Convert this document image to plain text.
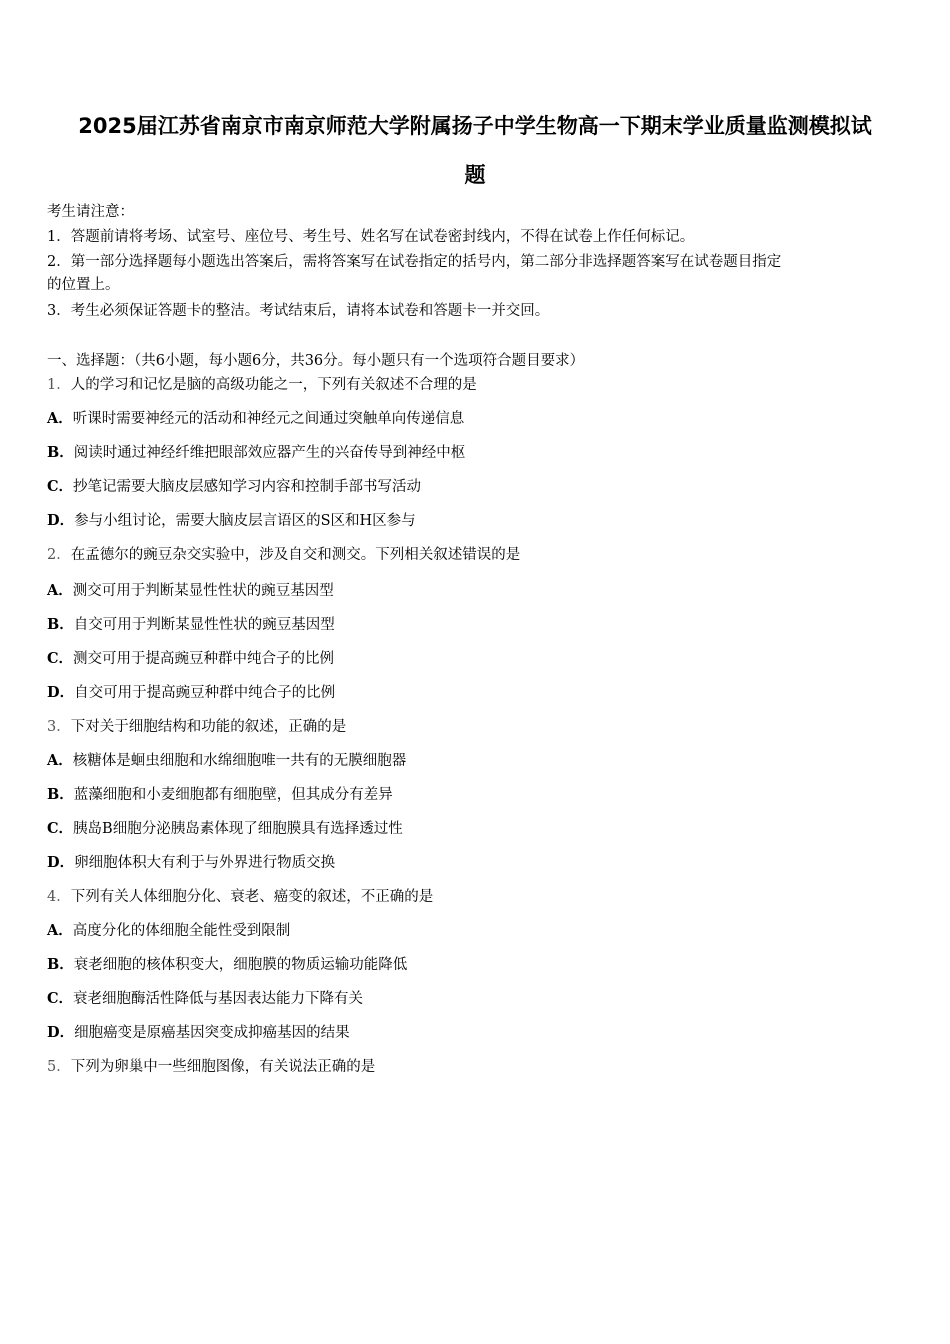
2025届江苏省南京市南京师范大学附属扬子中学生物高一下期末学业质量监测模拟试
题
考生请注意：
1．答题前请将考场、试室号、座位号、考生号、姓名写在试卷密封线内，不得在试卷上作任何标记。
2．第一部分选择题每小题选出答案后，需将答案写在试卷指定的括号内，第二部分非选择题答案写在试卷题目指定
的位置上。
3．考生必须保证答题卡的整洁。考试结束后，请将本试卷和答题卡一并交回。
一、选择题：（共6小题，每小题6分，共36分。每小题只有一个选项符合题目要求）
1．人的学习和记忆是脑的高级功能之一，下列有关叙述不合理的是
A．听课时需要神经元的活动和神经元之间通过突触单向传递信息
B．阅读时通过神经纤维把眼部效应器产生的兴奋传导到神经中枢
C．抄笔记需要大脑皮层感知学习内容和控制手部书写活动
D．参与小组讨论，需要大脑皮层言语区的S区和H区参与
2．在孟德尔的豌豆杂交实验中，涉及自交和测交。下列相关叙述错误的是
A．测交可用于判断某显性性状的豌豆基因型
B．自交可用于判断某显性性状的豌豆基因型
C．测交可用于提高豌豆种群中纯合子的比例
D．自交可用于提高豌豆种群中纯合子的比例
3．下对关于细胞结构和功能的叙述，正确的是
A．核糖体是蛔虫细胞和水绵细胞唯一共有的无膜细胞器
B．蓝藻细胞和小麦细胞都有细胞壁，但其成分有差异
C．胰岛B细胞分泌胰岛素体现了细胞膜具有选择透过性
D．卵细胞体积大有利于与外界进行物质交换
4．下列有关人体细胞分化、衰老、癌变的叙述，不正确的是
A．高度分化的体细胞全能性受到限制
B．衰老细胞的核体积变大，细胞膜的物质运输功能降低
C．衰老细胞酶活性降低与基因表达能力下降有关
D．细胞癌变是原癌基因突变成抑癌基因的结果
5．下列为卵巢中一些细胞图像，有关说法正确的是
